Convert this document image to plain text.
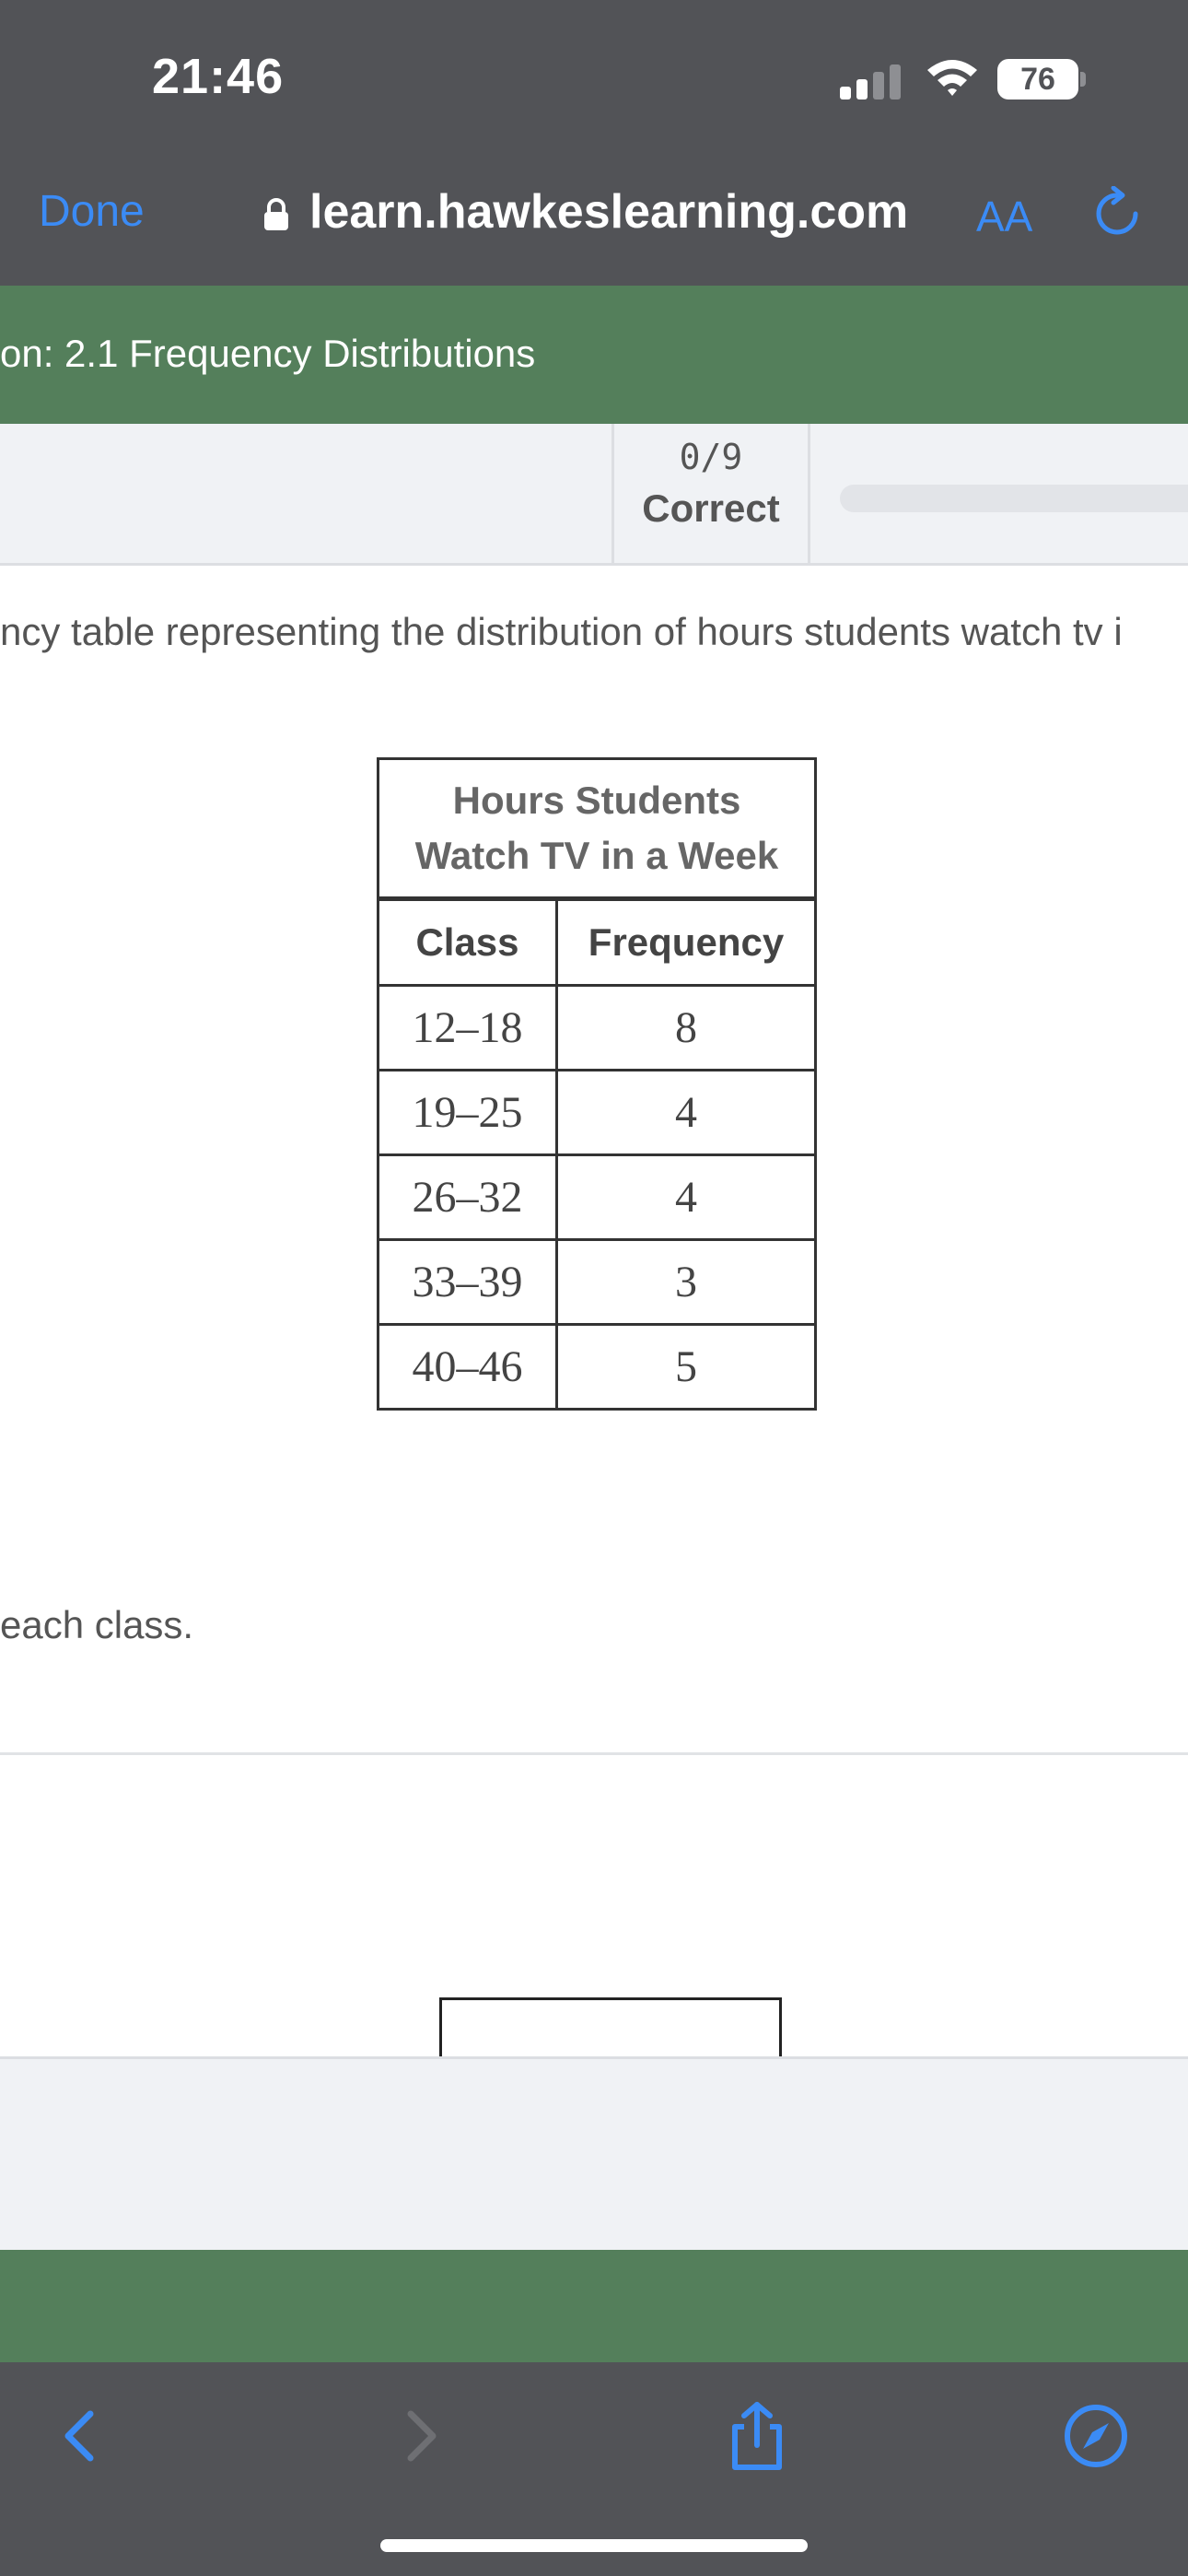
21:46	76
Done	learn.hawkeslearning.com AA
on: 2.1 Frequency Distributions
0/9
Correct
ncy table representing the distribution of hours students watch tv i
Hours Students
Watch TV in a Week	
Class	Frequency
12–18	8
19–25	4
26–32	4
33–39	3
40–46	5
each class.
